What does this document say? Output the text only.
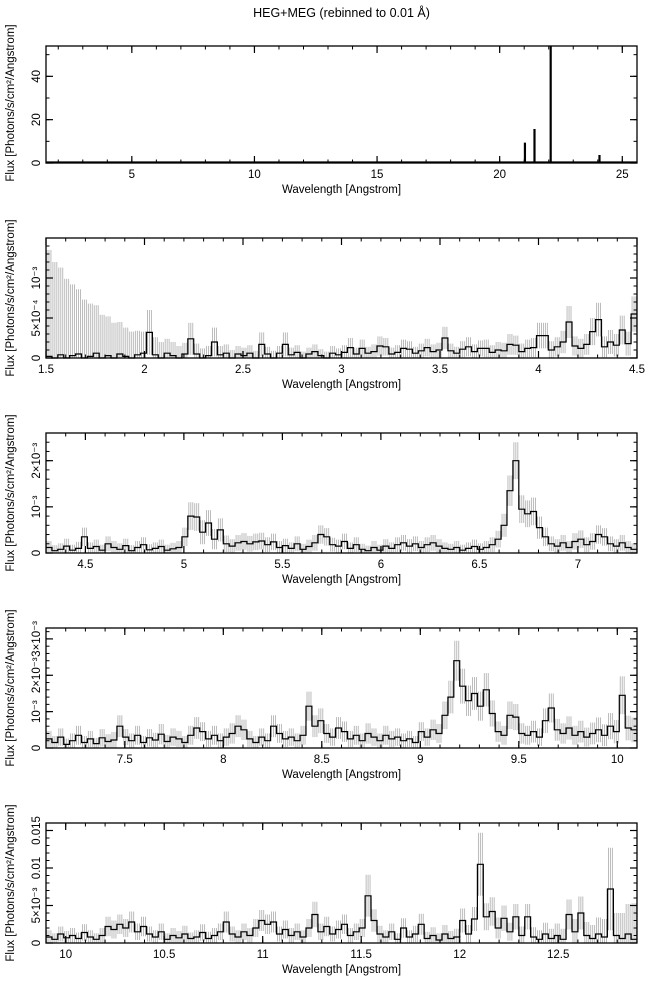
HEG+MEG (rebinned to 0.01 Å)
5	10	15	20	25
0
20
40
Flux [Photons/s/cm²/Angstrom]
Wavelength [Angstrom]
1.5	2	2.5	3	3.5	4	4.5
0
5×10⁻⁴
10⁻³
Flux [Photons/s/cm²/Angstrom]
Wavelength [Angstrom]
4.5	5	5.5	6	6.5	7
0
10⁻³
2×10⁻³
Flux [Photons/s/cm²/Angstrom]
Wavelength [Angstrom]
7.5	8	8.5	9	9.5	10
0
10⁻³
2×10⁻³
3×10⁻³
Flux [Photons/s/cm²/Angstrom]
Wavelength [Angstrom]
10	10.5	11	11.5	12	12.5
0
5×10⁻³
0.01
0.015
Flux [Photons/s/cm²/Angstrom]
Wavelength [Angstrom]
